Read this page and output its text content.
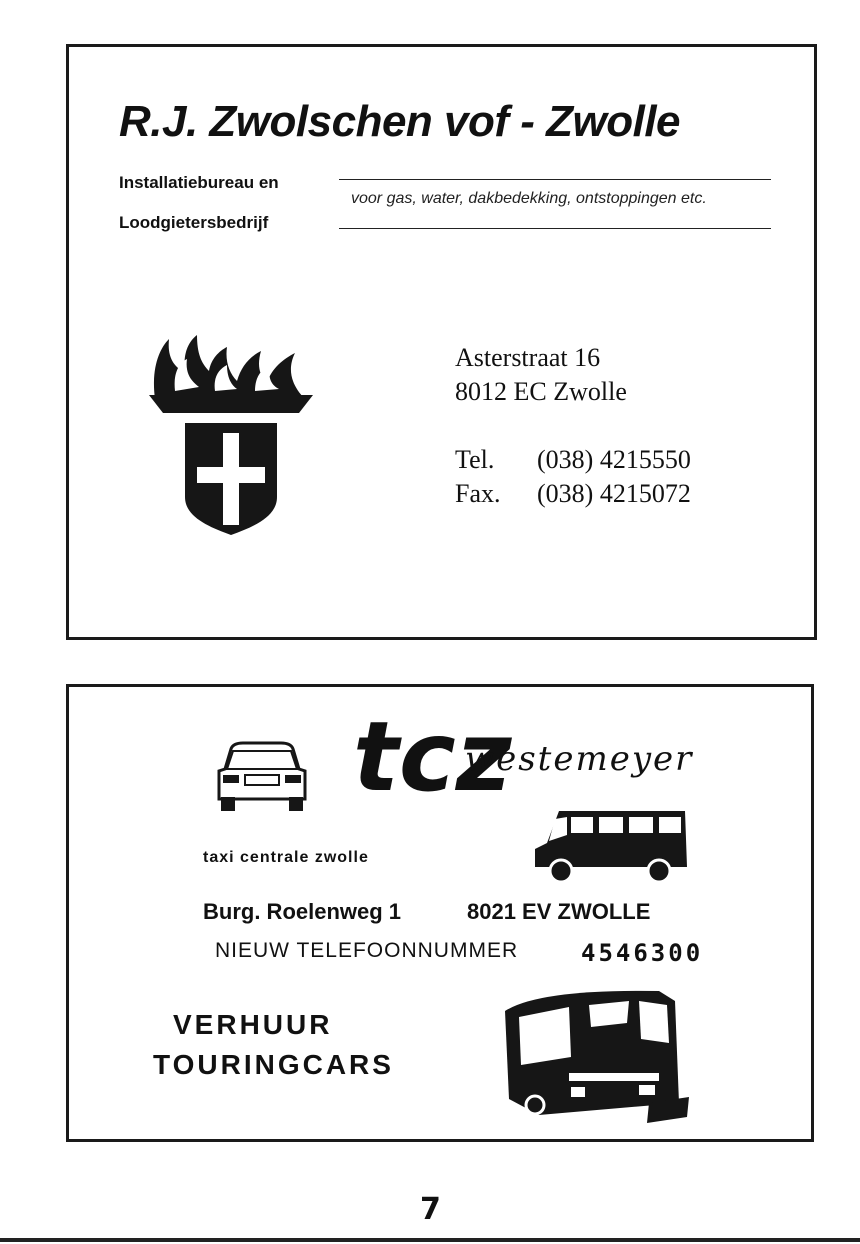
R.J. Zwolschen vof - Zwolle
Installatiebureau en
Loodgietersbedrijf
voor gas, water, dakbedekking, ontstoppingen etc.
Asterstraat 16
8012 EC Zwolle
Tel.	(038) 4215550
Fax.	(038) 4215072
tcz
westemeyer
taxi centrale zwolle
Burg. Roelenweg 1	8021 EV ZWOLLE
NIEUW TELEFOONNUMMER	4546300
VERHUUR
TOURINGCARS
7
